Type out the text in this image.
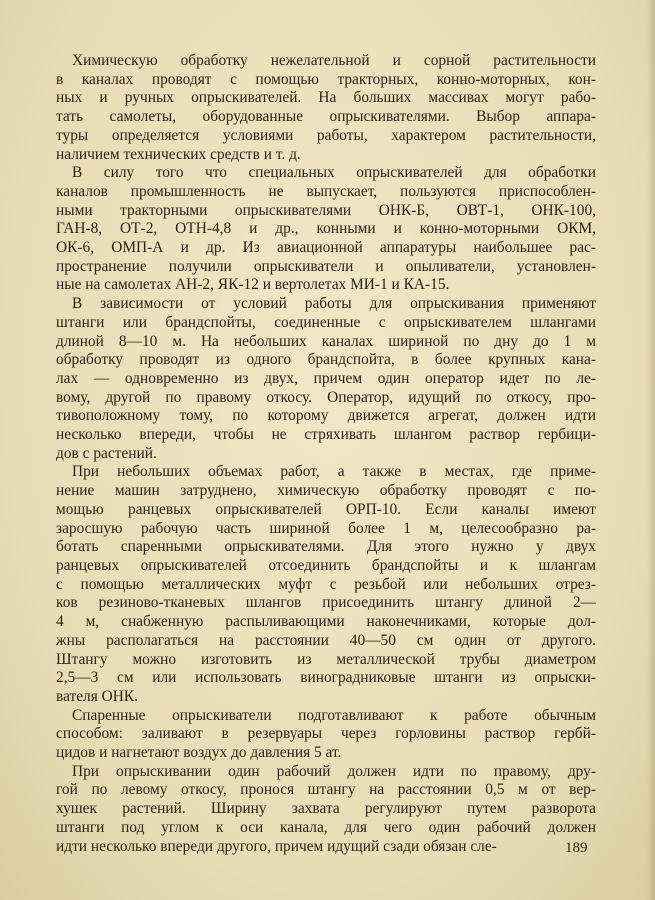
Химическую обработку нежелательной и сорной растительности
в каналах проводят с помощью тракторных, конно-моторных, кон-
ных и ручных опрыскивателей. На больших массивах могут рабо-
тать самолеты, оборудованные опрыскивателями. Выбор аппара-
туры определяется условиями работы, характером растительности,
наличием технических средств и т. д.
В силу того что специальных опрыскивателей для обработки
каналов промышленность не выпускает, пользуются приспособлен-
ными тракторными опрыскивателями ОНК-Б, ОВТ-1, ОНК-100,
ГАН-8, ОТ-2, ОТН-4,8 и др., конными и конно-моторными ОКМ,
ОК-6, ОМП-А и др. Из авиационной аппаратуры наибольшее рас-
пространение получили опрыскиватели и опыливатели, установлен-
ные на самолетах АН-2, ЯК-12 и вертолетах МИ-1 и КА-15.
В зависимости от условий работы для опрыскивания применяют
штанги или брандспойты, соединенные с опрыскивателем шлангами
длиной 8—10 м. На небольших каналах шириной по дну до 1 м
обработку проводят из одного брандспойта, в более крупных кана-
лах — одновременно из двух, причем один оператор идет по ле-
вому, другой по правому откосу. Оператор, идущий по откосу, про-
тивоположному тому, по которому движется агрегат, должен идти
несколько впереди, чтобы не стряхивать шлангом раствор гербици-
дов с растений.
При небольших объемах работ, а также в местах, где приме-
нение машин затруднено, химическую обработку проводят с по-
мощью ранцевых опрыскивателей ОРП-10. Если каналы имеют
заросшую рабочую часть шириной более 1 м, целесообразно ра-
ботать спаренными опрыскивателями. Для этого нужно у двух
ранцевых опрыскивателей отсоединить брандспойты и к шлангам
с помощью металлических муфт с резьбой или небольших отрез-
ков резиново-тканевых шлангов присоединить штангу длиной 2—
4 м, снабженную распыливающими наконечниками, которые дол-
жны располагаться на расстоянии 40—50 см один от другого.
Штангу можно изготовить из металлической трубы диаметром
2,5—3 см или использовать виноградниковые штанги из опрыски-
вателя ОНК.
Спаренные опрыскиватели подготавливают к работе обычным
способом: заливают в резервуары через горловины раствор гербй-
цидов и нагнетают воздух до давления 5 ат.
При опрыскивании один рабочий должен идти по правому, дру-
гой по левому откосу, пронося штангу на расстоянии 0,5 м от вер-
хушек растений. Ширину захвата регулируют путем разворота
штанги под углом к оси канала, для чего один рабочий должен
идти несколько впереди другого, причем идущий сзади обязан сле-	189
